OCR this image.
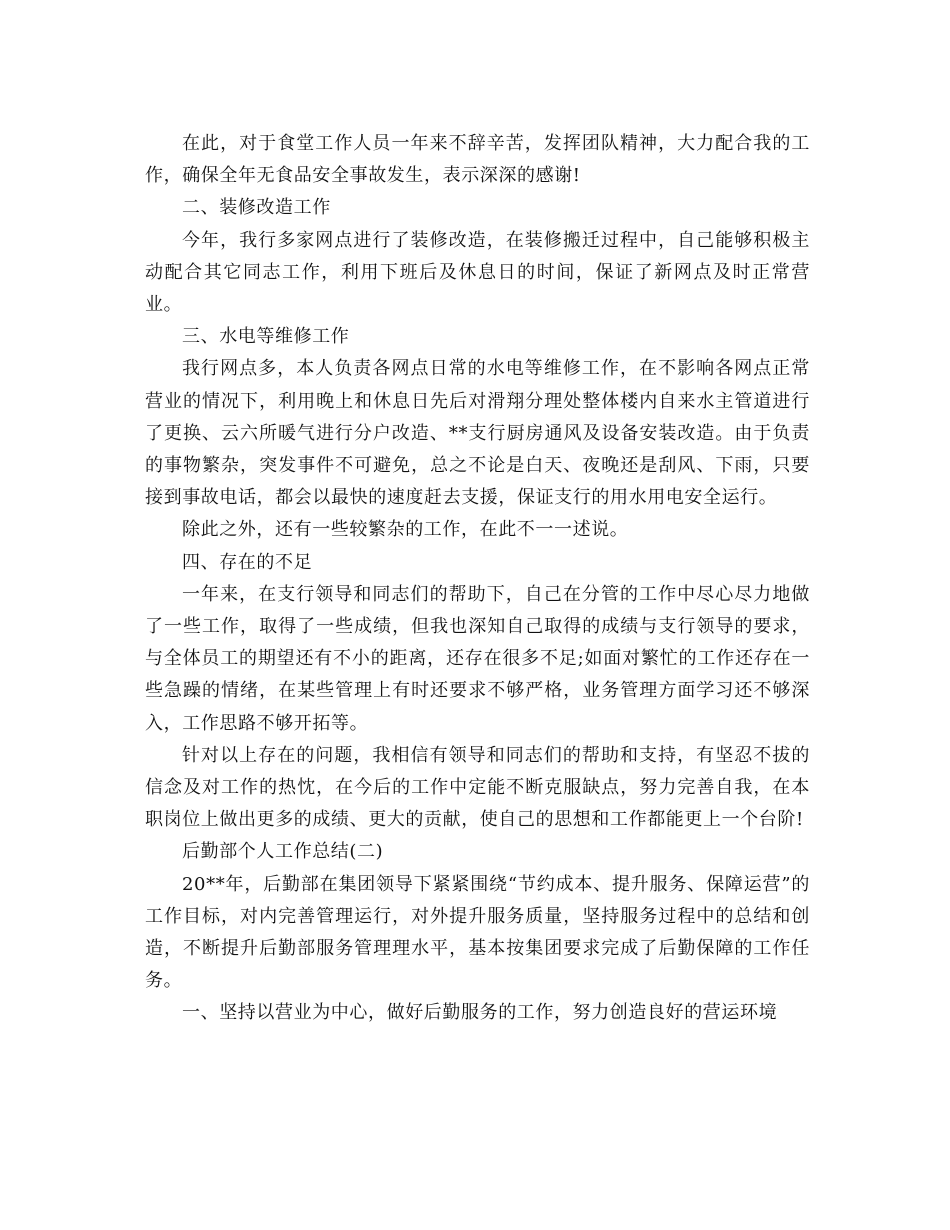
在此，对于食堂工作人员一年来不辞辛苦，发挥团队精神，大力配合我的工作，确保全年无食品安全事故发生，表示深深的感谢!

二、装修改造工作

今年，我行多家网点进行了装修改造，在装修搬迁过程中，自己能够积极主动配合其它同志工作，利用下班后及休息日的时间，保证了新网点及时正常营业。

三、水电等维修工作

我行网点多，本人负责各网点日常的水电等维修工作，在不影响各网点正常营业的情况下，利用晚上和休息日先后对滑翔分理处整体楼内自来水主管道进行了更换、云六所暖气进行分户改造、**支行厨房通风及设备安装改造。由于负责的事物繁杂，突发事件不可避免，总之不论是白天、夜晚还是刮风、下雨，只要接到事故电话，都会以最快的速度赶去支援，保证支行的用水用电安全运行。

除此之外，还有一些较繁杂的工作，在此不一一述说。

四、存在的不足

一年来，在支行领导和同志们的帮助下，自己在分管的工作中尽心尽力地做了一些工作，取得了一些成绩，但我也深知自己取得的成绩与支行领导的要求，与全体员工的期望还有不小的距离，还存在很多不足;如面对繁忙的工作还存在一些急躁的情绪，在某些管理上有时还要求不够严格，业务管理方面学习还不够深入，工作思路不够开拓等。

针对以上存在的问题，我相信有领导和同志们的帮助和支持，有坚忍不拔的信念及对工作的热忱，在今后的工作中定能不断克服缺点，努力完善自我，在本职岗位上做出更多的成绩、更大的贡献，使自己的思想和工作都能更上一个台阶!

后勤部个人工作总结(二)

20**年，后勤部在集团领导下紧紧围绕“节约成本、提升服务、保障运营”的工作目标，对内完善管理运行，对外提升服务质量，坚持服务过程中的总结和创造，不断提升后勤部服务管理理水平，基本按集团要求完成了后勤保障的工作任务。

一、坚持以营业为中心，做好后勤服务的工作，努力创造良好的营运环境
